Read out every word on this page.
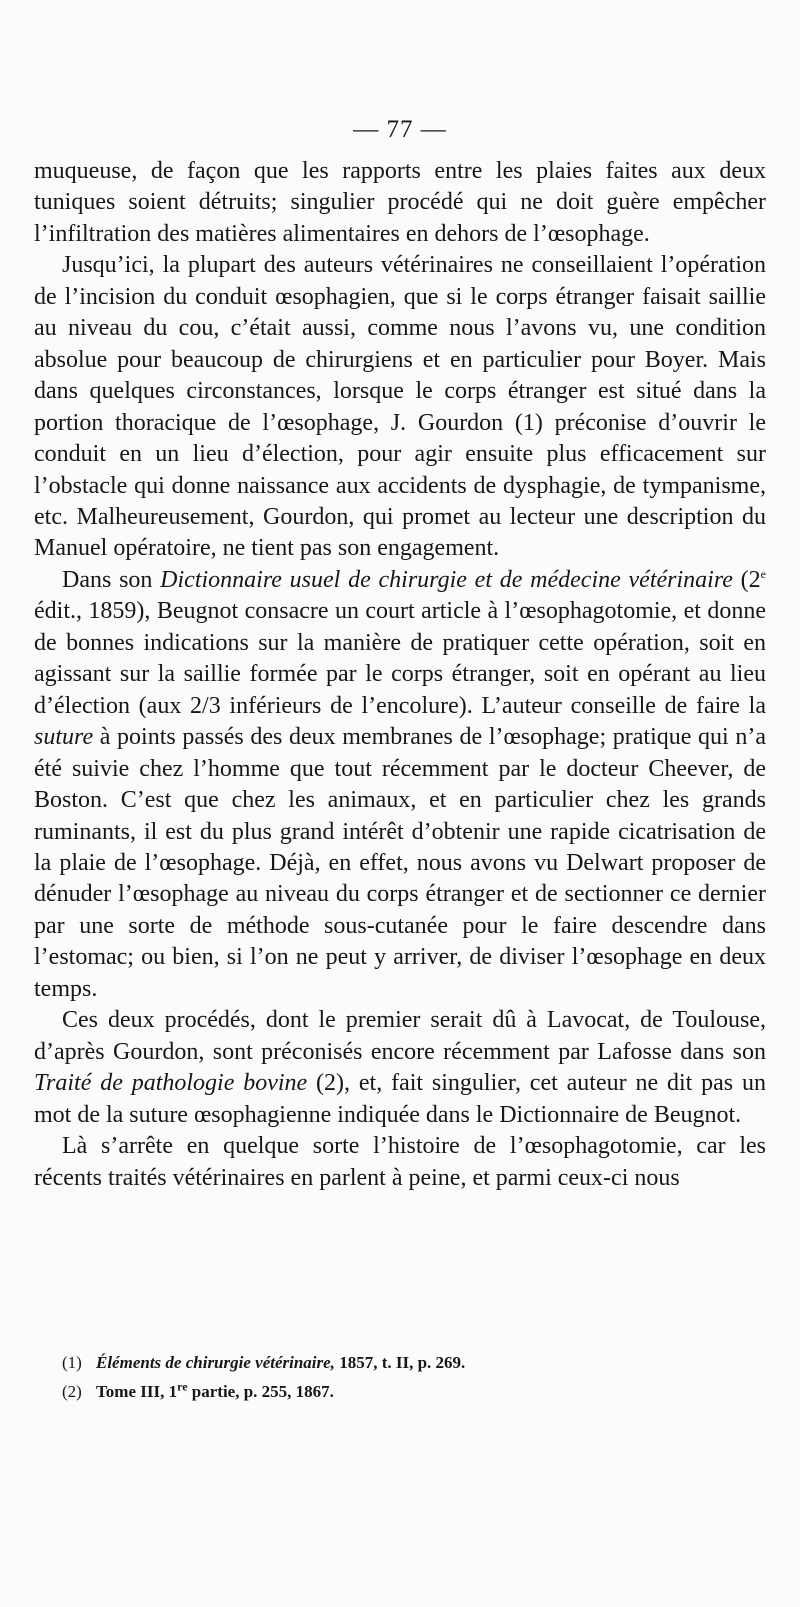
— 77 —

muqueuse, de façon que les rapports entre les plaies faites aux deux tuniques soient détruits; singulier procédé qui ne doit guère empêcher l’infiltration des matières alimentaires en dehors de l’œsophage.

Jusqu’ici, la plupart des auteurs vétérinaires ne conseillaient l’opération de l’incision du conduit œsophagien, que si le corps étranger faisait saillie au niveau du cou, c’était aussi, comme nous l’avons vu, une condition absolue pour beaucoup de chirurgiens et en particulier pour Boyer. Mais dans quelques circonstances, lorsque le corps étranger est situé dans la portion thoracique de l’œsophage, J. Gourdon (1) préconise d’ouvrir le conduit en un lieu d’élection, pour agir ensuite plus efficacement sur l’obstacle qui donne naissance aux accidents de dysphagie, de tympanisme, etc. Malheureusement, Gourdon, qui promet au lecteur une description du Manuel opératoire, ne tient pas son engagement.

Dans son Dictionnaire usuel de chirurgie et de médecine vétérinaire (2e édit., 1859), Beugnot consacre un court article à l’œsophagotomie, et donne de bonnes indications sur la manière de pratiquer cette opération, soit en agissant sur la saillie formée par le corps étranger, soit en opérant au lieu d’élection (aux 2/3 inférieurs de l’encolure). L’auteur conseille de faire la suture à points passés des deux membranes de l’œsophage; pratique qui n’a été suivie chez l’homme que tout récemment par le docteur Cheever, de Boston. C’est que chez les animaux, et en particulier chez les grands ruminants, il est du plus grand intérêt d’obtenir une rapide cicatrisation de la plaie de l’œsophage. Déjà, en effet, nous avons vu Delwart proposer de dénuder l’œsophage au niveau du corps étranger et de sectionner ce dernier par une sorte de méthode sous-cutanée pour le faire descendre dans l’estomac; ou bien, si l’on ne peut y arriver, de diviser l’œsophage en deux temps.

Ces deux procédés, dont le premier serait dû à Lavocat, de Toulouse, d’après Gourdon, sont préconisés encore récemment par Lafosse dans son Traité de pathologie bovine (2), et, fait singulier, cet auteur ne dit pas un mot de la suture œsophagienne indiquée dans le Dictionnaire de Beugnot.

Là s’arrête en quelque sorte l’histoire de l’œsophagotomie, car les récents traités vétérinaires en parlent à peine, et parmi ceux-ci nous

(1) Éléments de chirurgie vétérinaire, 1857, t. II, p. 269.

(2) Tome III, 1re partie, p. 255, 1867.
